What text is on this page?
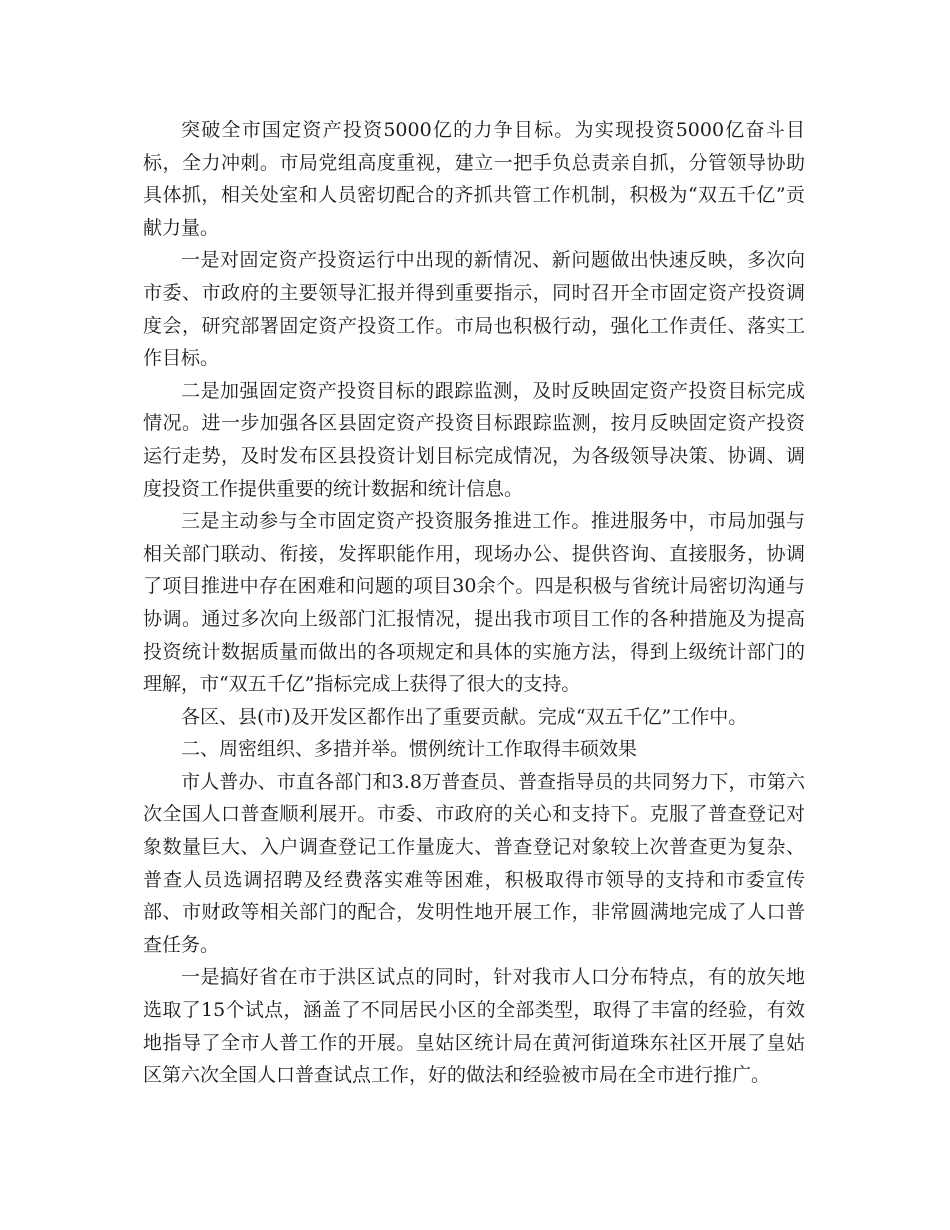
突破全市国定资产投资5000亿的力争目标。为实现投资5000亿奋斗目标，全力冲刺。市局党组高度重视，建立一把手负总责亲自抓，分管领导协助具体抓，相关处室和人员密切配合的齐抓共管工作机制，积极为“双五千亿”贡献力量。

一是对固定资产投资运行中出现的新情况、新问题做出快速反映，多次向市委、市政府的主要领导汇报并得到重要指示，同时召开全市固定资产投资调度会，研究部署固定资产投资工作。市局也积极行动，强化工作责任、落实工作目标。

二是加强固定资产投资目标的跟踪监测，及时反映固定资产投资目标完成情况。进一步加强各区县固定资产投资目标跟踪监测，按月反映固定资产投资运行走势，及时发布区县投资计划目标完成情况，为各级领导决策、协调、调度投资工作提供重要的统计数据和统计信息。

三是主动参与全市固定资产投资服务推进工作。推进服务中，市局加强与相关部门联动、衔接，发挥职能作用，现场办公、提供咨询、直接服务，协调了项目推进中存在困难和问题的项目30余个。四是积极与省统计局密切沟通与协调。通过多次向上级部门汇报情况，提出我市项目工作的各种措施及为提高投资统计数据质量而做出的各项规定和具体的实施方法，得到上级统计部门的理解，市“双五千亿”指标完成上获得了很大的支持。

各区、县(市)及开发区都作出了重要贡献。完成“双五千亿”工作中。

二、周密组织、多措并举。惯例统计工作取得丰硕效果

市人普办、市直各部门和3.8万普查员、普查指导员的共同努力下，市第六次全国人口普查顺利展开。市委、市政府的关心和支持下。克服了普查登记对象数量巨大、入户调查登记工作量庞大、普查登记对象较上次普查更为复杂、普查人员选调招聘及经费落实难等困难，积极取得市领导的支持和市委宣传部、市财政等相关部门的配合，发明性地开展工作，非常圆满地完成了人口普查任务。

一是搞好省在市于洪区试点的同时，针对我市人口分布特点，有的放矢地选取了15个试点，涵盖了不同居民小区的全部类型，取得了丰富的经验，有效地指导了全市人普工作的开展。皇姑区统计局在黄河街道珠东社区开展了皇姑区第六次全国人口普查试点工作，好的做法和经验被市局在全市进行推广。
